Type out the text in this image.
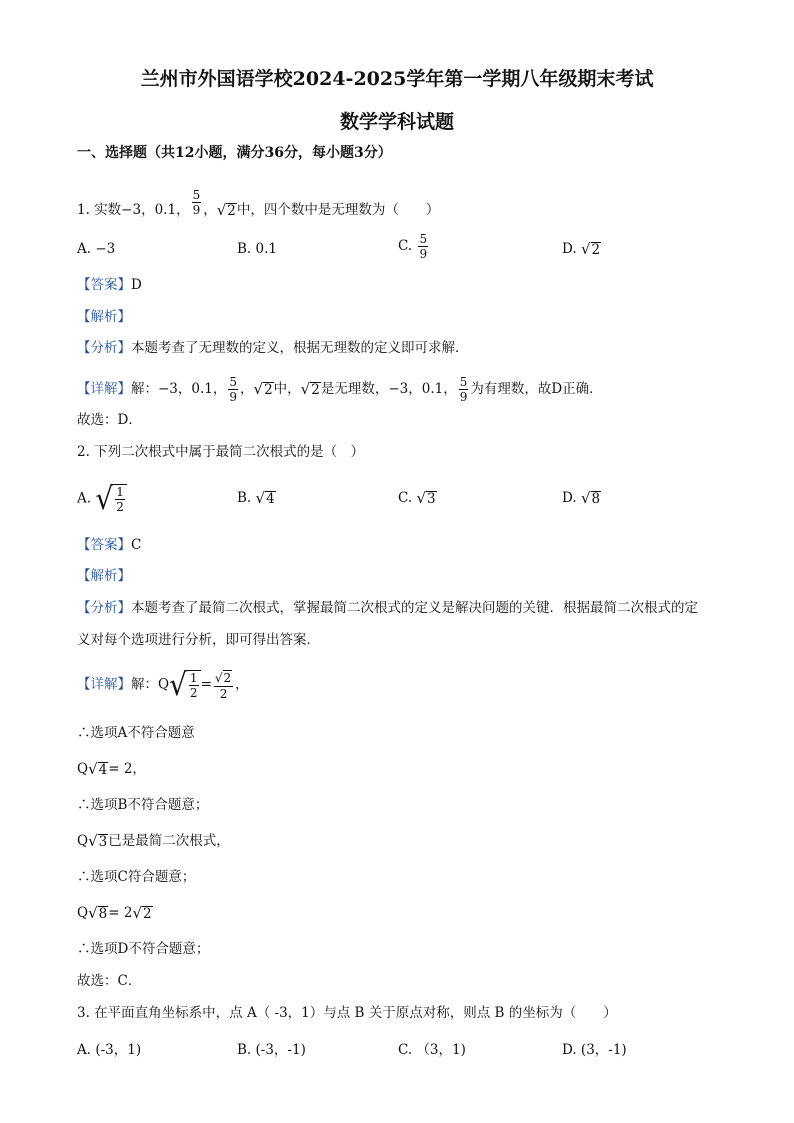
兰州市外国语学校2024-2025学年第一学期八年级期末考试
数学学科试题
一、选择题（共12小题，满分36分，每小题3分）
1. 实数−3，0.1， $\frac{5}{9}$ ，√2中，四个数中是无理数为（　　）
A. −3	B. 0.1	C. $\frac{5}{9}$	D. √2
【答案】D
【解析】
【分析】本题考查了无理数的定义，根据无理数的定义即可求解．
【详解】解：−3，0.1， $\frac{5}{9}$ ，√2中，√2是无理数，−3，0.1， $\frac{5}{9}$ 为有理数，故D正确．
故选：D．
2. 下列二次根式中属于最简二次根式的是（　）
A. √ $\frac{1}{2}$	B. √4	C. √3	D. √8
【答案】C
【解析】
【分析】本题考查了最简二次根式，掌握最简二次根式的定义是解决问题的关键．根据最简二次根式的定
义对每个选项进行分析，即可得出答案．
【详解】解：$Q√ \frac{1}{2} = \frac{√2}{2}$ ，
∴选项A不符合题意
Q√4= 2，
∴选项B不符合题意；
Q√3已是最简二次根式，
∴选项C符合题意；
Q√8= 2√2
∴选项D不符合题意；
故选：C．
3. 在平面直角坐标系中，点 A（ -3，1）与点 B 关于原点对称，则点 B 的坐标为（　　）
A. (-3，1)	B. (-3，-1)	C. （3，1)	D. (3，-1)
